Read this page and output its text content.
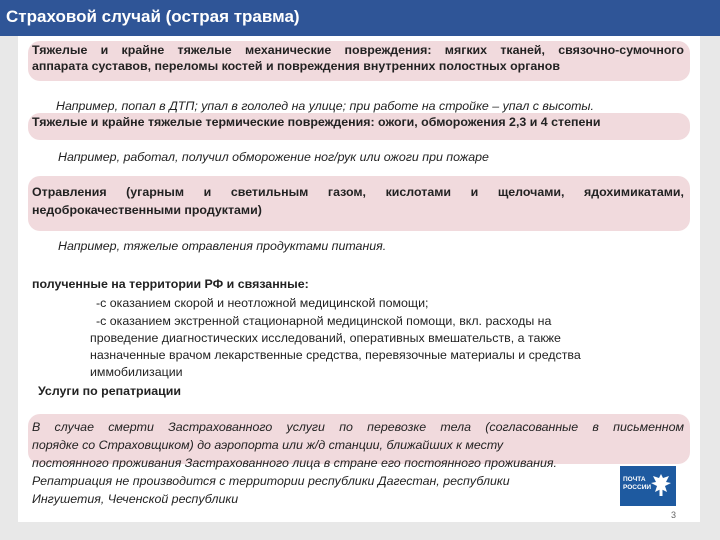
Страховой случай (острая травма)
Тяжелые и крайне тяжелые механические повреждения: мягких тканей, связочно-сумочного
аппарата суставов, переломы костей и повреждения внутренних полостных органов
Например, попал в ДТП; упал в гололед на улице; при работе на стройке – упал с высоты.
Тяжелые и крайне тяжелые термические повреждения: ожоги, обморожения 2,3 и 4 степени
Например, работал, получил обморожение ног/рук или ожоги при пожаре
Отравления (угарным и светильным газом, кислотами и щелочами, ядохимикатами,
недоброкачественными продуктами)
Например, тяжелые отравления продуктами питания.
полученные на территории РФ и связанные:
-с оказанием скорой и неотложной медицинской помощи;
-с оказанием экстренной стационарной медицинской помощи, вкл. расходы на
проведение диагностических исследований, оперативных вмешательств, а также
назначенные врачом лекарственные средства, перевязочные материалы и средства
иммобилизации
Услуги по репатриации
В случае смерти Застрахованного услуги по перевозке тела (согласованные в письменном
порядке со Страховщиком) до аэропорта или ж/д станции, ближайших к месту
постоянного проживания Застрахованного лица в стране его постоянного проживания.
Репатриация не производится с территории республики Дагестан, республики
Ингушетия, Чеченской республики
ПОЧТА
РОССИИ
3
